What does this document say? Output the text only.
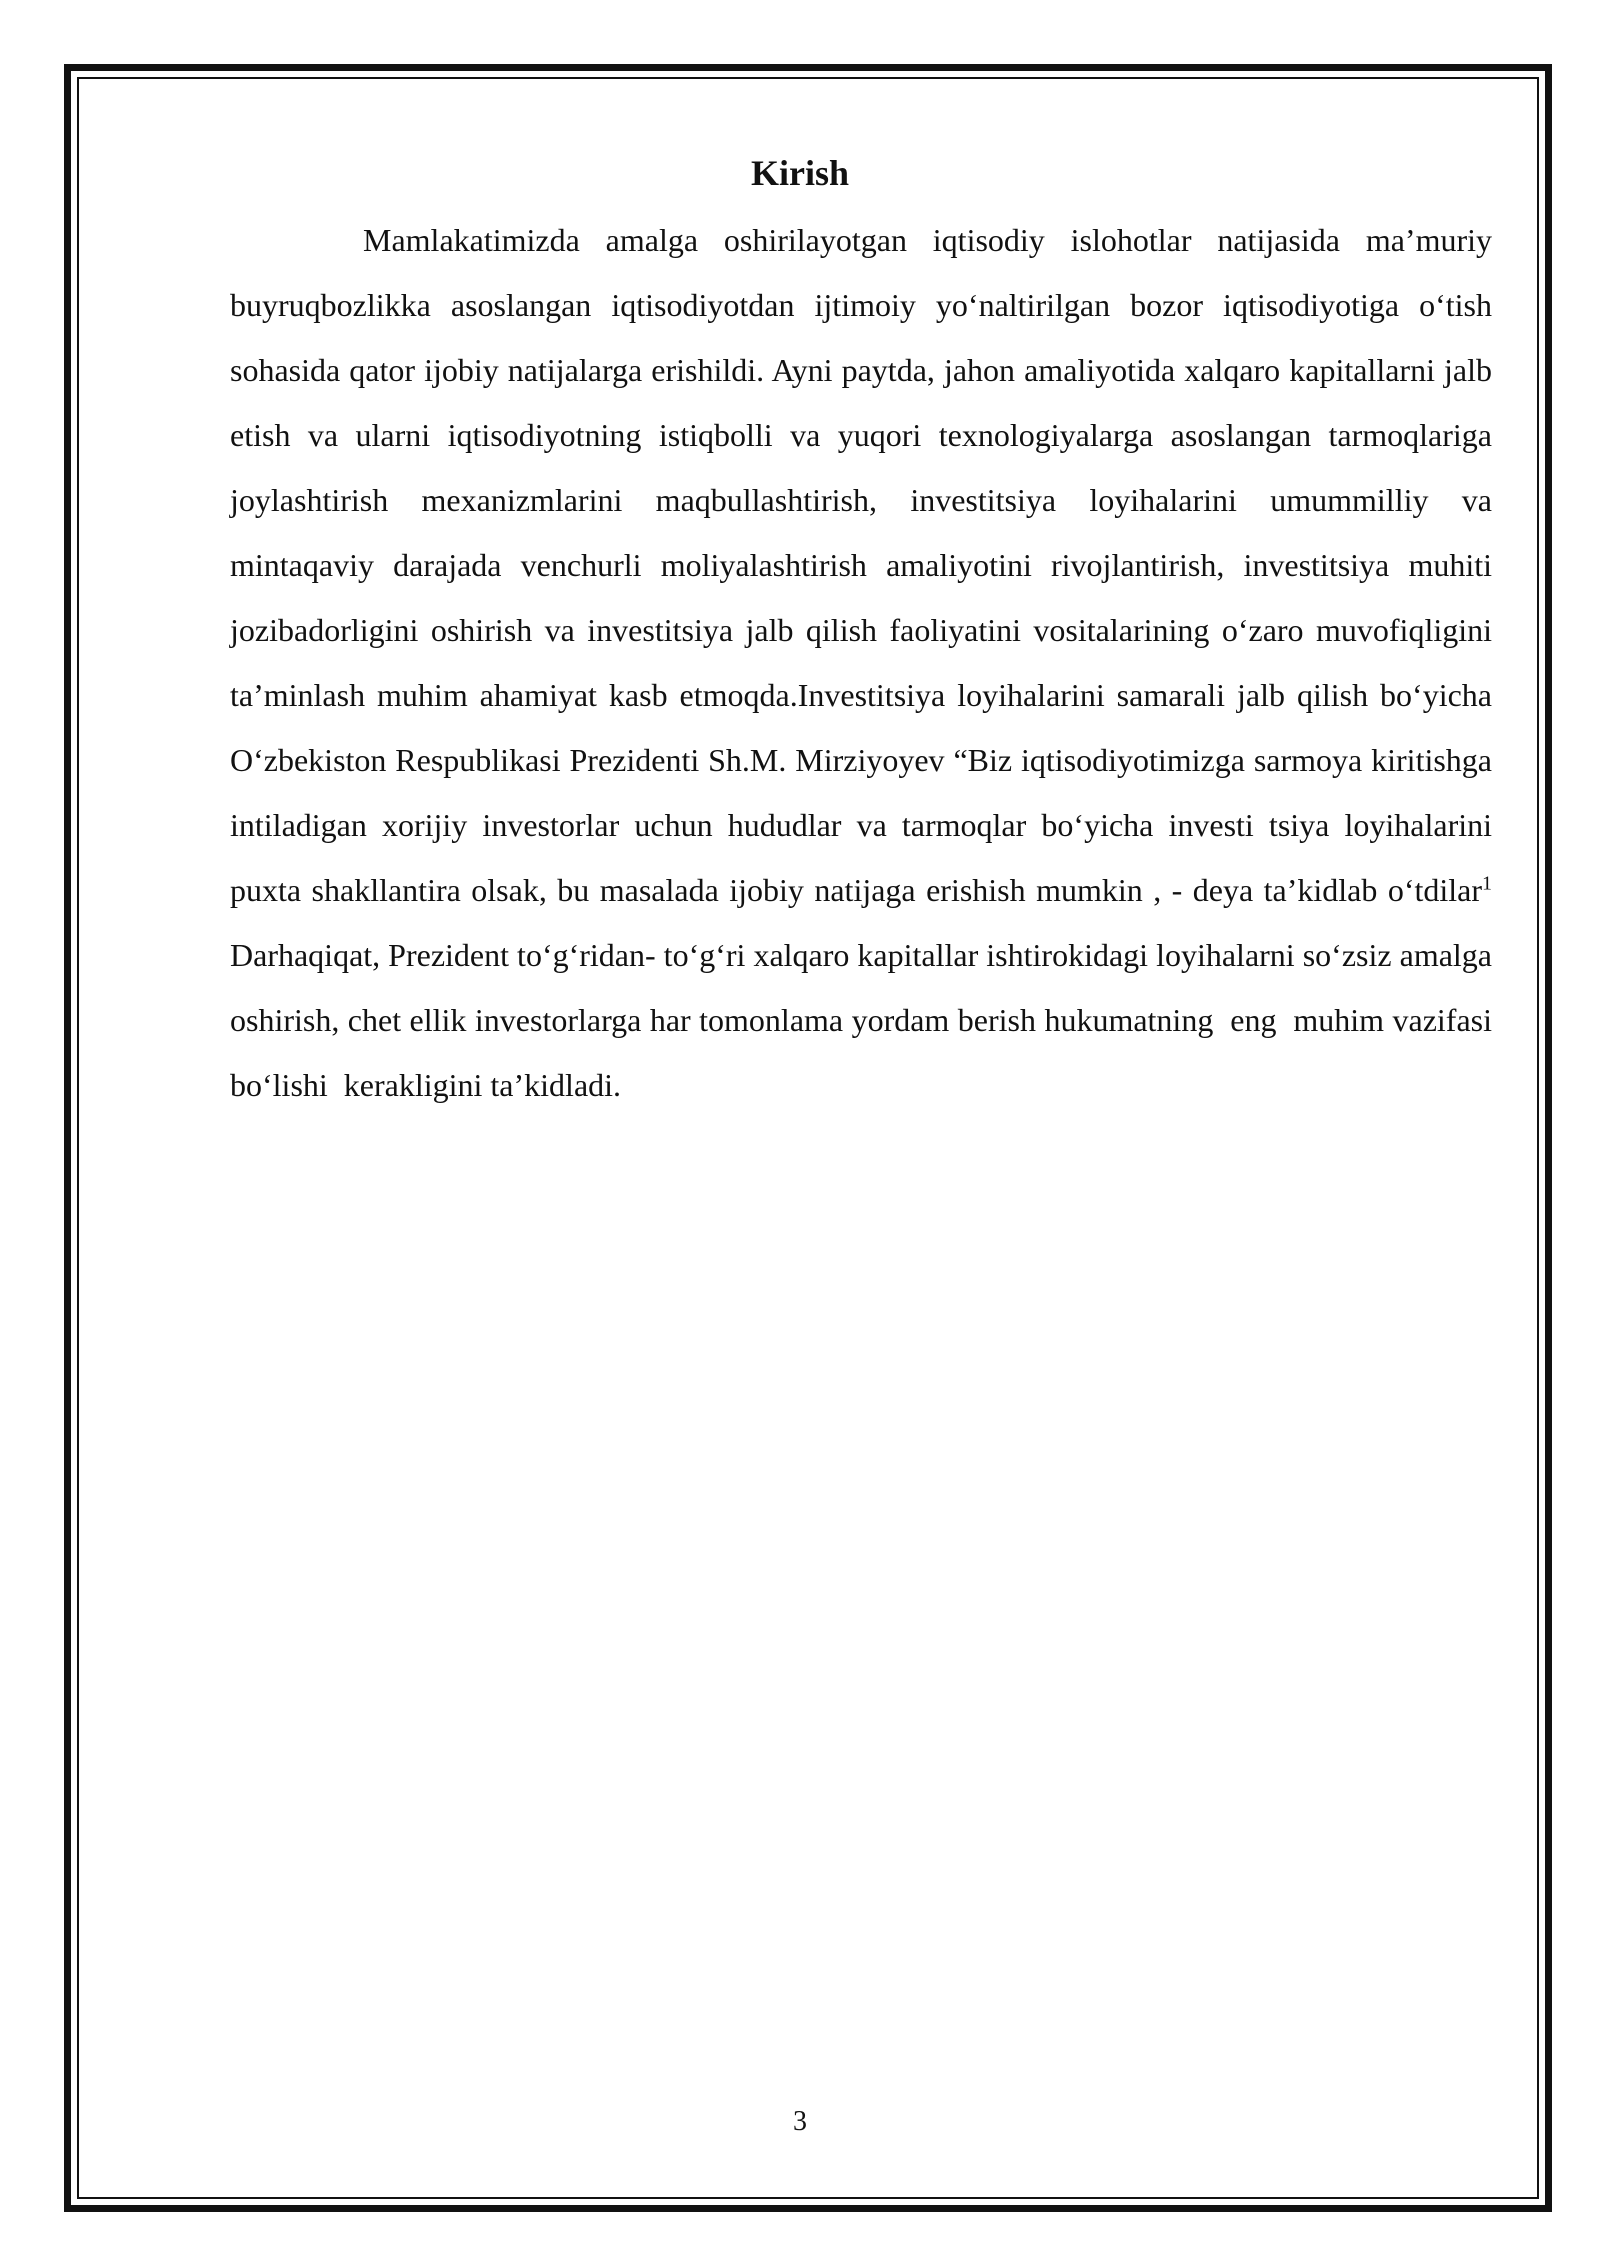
Kirish

Mamlakatimizda amalga oshirilayotgan iqtisodiy islohotlar natijasida ma’muriy buyruqbozlikka asoslangan iqtisodiyotdan ijtimoiy yo‘naltirilgan bozor iqtisodiyotiga o‘tish sohasida qator ijobiy natijalarga erishildi. Ayni paytda, jahon amaliyotida xalqaro kapitallarni jalb etish va ularni iqtisodiyotning istiqbolli va yuqori texnologiyalarga asoslangan tarmoqlariga joylashtirish mexanizmlarini maqbullashtirish, investitsiya loyihalarini umummilliy va mintaqaviy darajada venchurli moliyalashtirish amaliyotini rivojlantirish, investitsiya muhiti jozibadorligini oshirish va investitsiya jalb qilish faoliyatini vositalarining o‘zaro muvofiqligini ta’minlash muhim ahamiyat kasb etmoqda.Investitsiya loyihalarini samarali jalb qilish bo‘yicha O‘zbekiston Respublikasi Prezidenti Sh.M. Mirziyoyev “Biz iqtisodiyotimizga sarmoya kiritishga intiladigan xorijiy investorlar uchun hududlar va tarmoqlar bo‘yicha investi tsiya loyihalarini puxta shakllantira olsak, bu masalada ijobiy natijaga erishish mumkin , - deya ta’kidlab o‘tdilar$^1$  Darhaqiqat, Prezident to‘g‘ridan- to‘g‘ri xalqaro kapitallar ishtirokidagi loyihalarni so‘zsiz amalga oshirish, chet ellik investorlarga har tomonlama yordam berish hukumatning  eng  muhim vazifasi  bo‘lishi  kerakligini ta’kidladi.

3
